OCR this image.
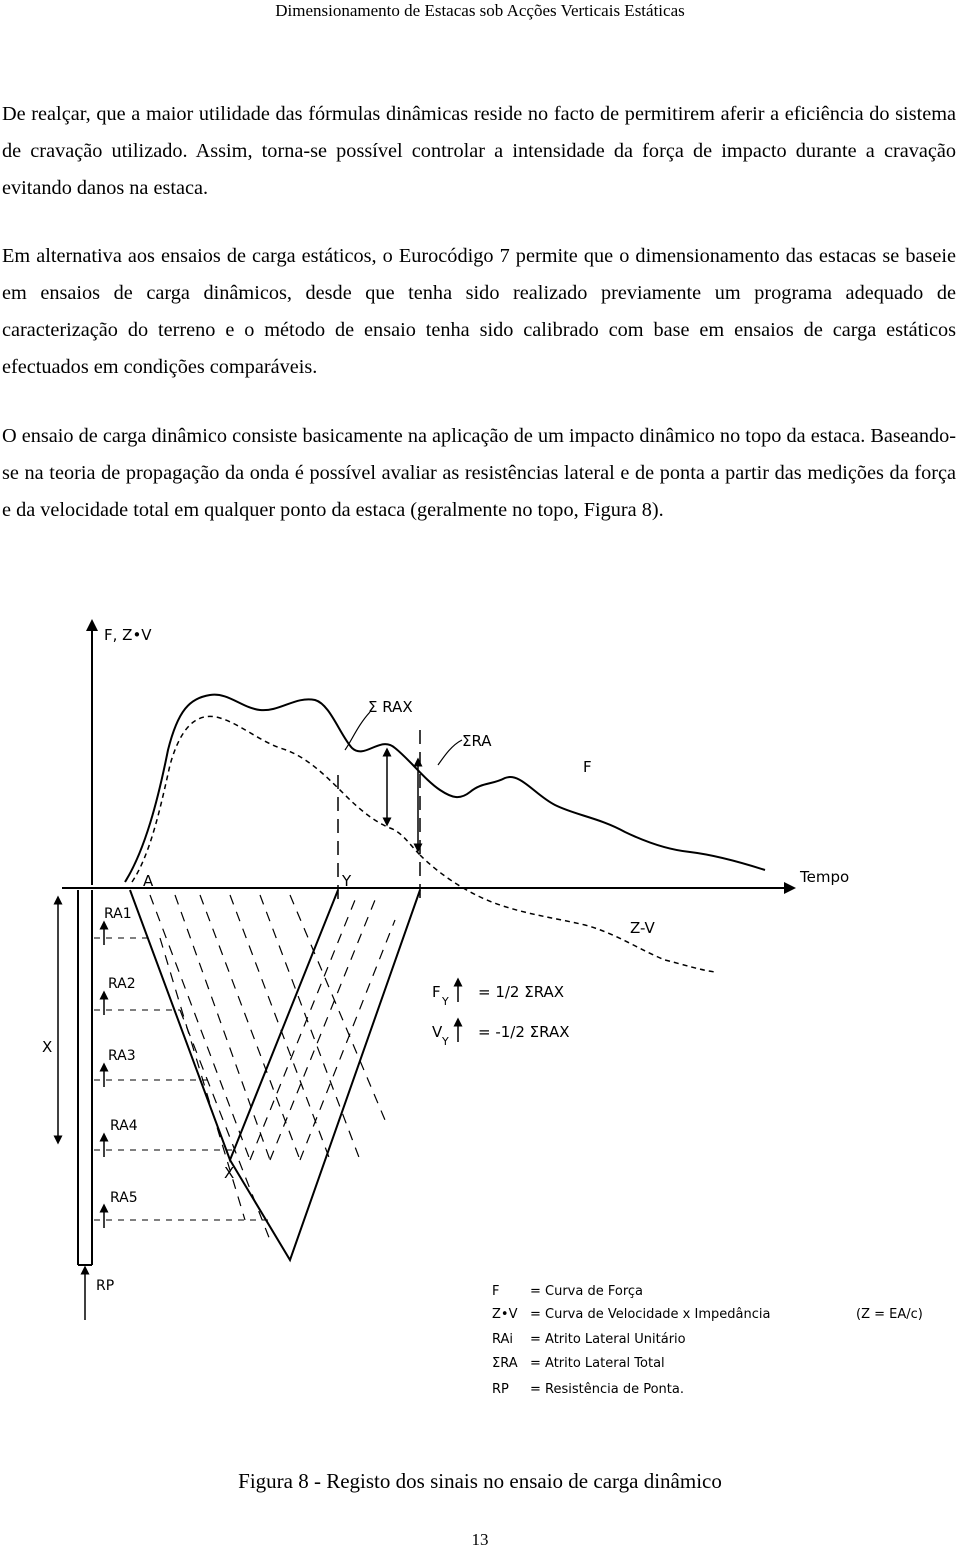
Dimensionamento de Estacas sob Acções Verticais Estáticas

De realçar, que a maior utilidade das fórmulas dinâmicas reside no facto de permitirem aferir a eficiência do sistema de cravação utilizado. Assim, torna-se possível controlar a intensidade da força de impacto durante a cravação evitando danos na estaca.

Em alternativa aos ensaios de carga estáticos, o Eurocódigo 7 permite que o dimensionamento das estacas se baseie em ensaios de carga dinâmicos, desde que tenha sido realizado previamente um programa adequado de caracterização do terreno e o método de ensaio tenha sido calibrado com base em ensaios de carga estáticos efectuados em condições comparáveis.

O ensaio de carga dinâmico consiste basicamente na aplicação de um impacto dinâmico no topo da estaca. Baseando-se na teoria de propagação da onda é possível avaliar as resistências lateral e de ponta a partir das medições da força e da velocidade total em qualquer ponto da estaca (geralmente no topo, Figura 8).

F, Z•V
Tempo
Σ RAX
ΣRA
F
Z-V
A	Y
X
RA1
RA2
RA3
RA4
RA5
RP
X
F
Y
= 1/2 ΣRAX
V
Y
= -1/2 ΣRAX
F = Curva de Força
Z•V = Curva de Velocidade x Impedância	(Z = EA/c)
RAi = Atrito Lateral Unitário
ΣRA = Atrito Lateral Total
RP = Resistência de Ponta.
Figura 8 - Registo dos sinais no ensaio de carga dinâmico
13
